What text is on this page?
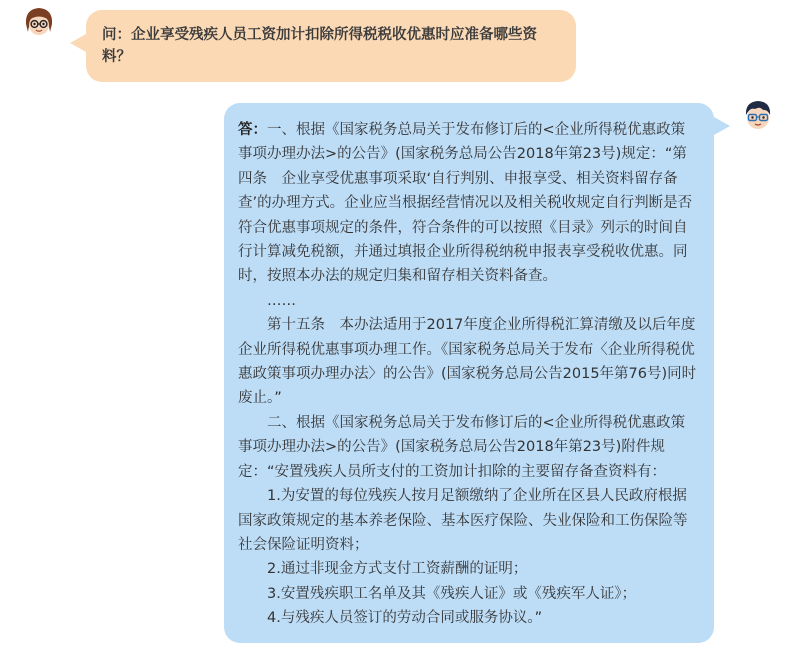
问：企业享受残疾人员工资加计扣除所得税税收优惠时应准备哪些资料？

答：一、根据《国家税务总局关于发布修订后的<企业所得税优惠政策事项办理办法>的公告》(国家税务总局公告2018年第23号)规定：“第四条　企业享受优惠事项采取‘自行判别、申报享受、相关资料留存备查’的办理方式。企业应当根据经营情况以及相关税收规定自行判断是否符合优惠事项规定的条件，符合条件的可以按照《目录》列示的时间自行计算减免税额，并通过填报企业所得税纳税申报表享受税收优惠。同时，按照本办法的规定归集和留存相关资料备查。

……

第十五条　本办法适用于2017年度企业所得税汇算清缴及以后年度企业所得税优惠事项办理工作。《国家税务总局关于发布〈企业所得税优惠政策事项办理办法〉的公告》(国家税务总局公告2015年第76号)同时废止。”

二、根据《国家税务总局关于发布修订后的<企业所得税优惠政策事项办理办法>的公告》(国家税务总局公告2018年第23号)附件规定：“安置残疾人员所支付的工资加计扣除的主要留存备查资料有：

1.为安置的每位残疾人按月足额缴纳了企业所在区县人民政府根据国家政策规定的基本养老保险、基本医疗保险、失业保险和工伤保险等社会保险证明资料；

2.通过非现金方式支付工资薪酬的证明；

3.安置残疾职工名单及其《残疾人证》或《残疾军人证》；

4.与残疾人员签订的劳动合同或服务协议。”
